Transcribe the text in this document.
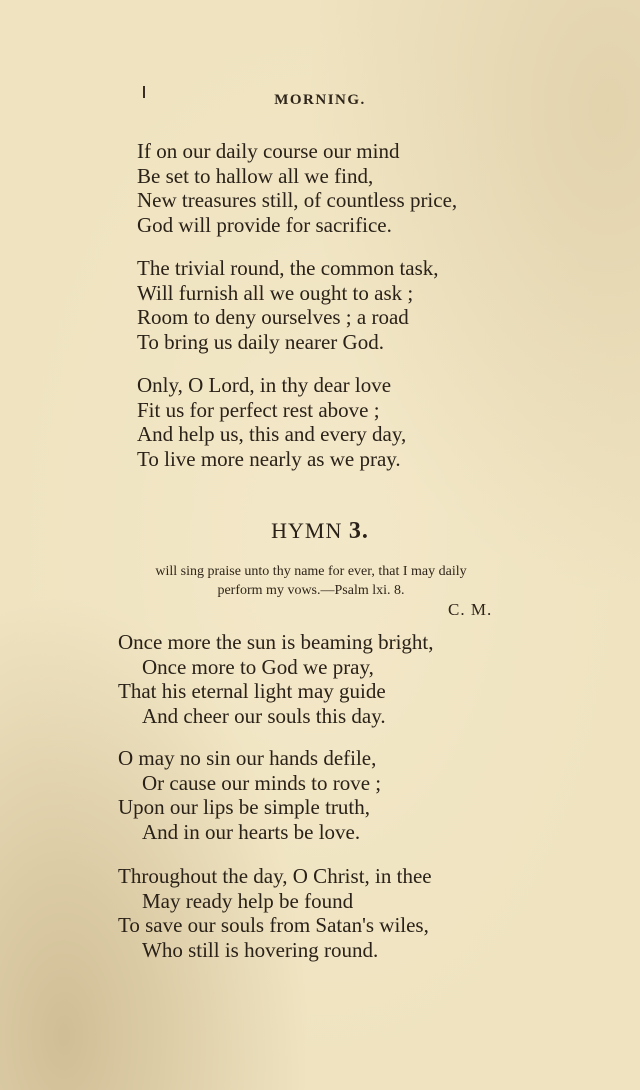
MORNING.
If on our daily course our mind
Be set to hallow all we find,
New treasures still, of countless price,
God will provide for sacrifice.
The trivial round, the common task,
Will furnish all we ought to ask ;
Room to deny ourselves ; a road
To bring us daily nearer God.
Only, O Lord, in thy dear love
Fit us for perfect rest above ;
And help us, this and every day,
To live more nearly as we pray.
HYMN 3.
will sing praise unto thy name for ever, that I may daily
perform my vows.—Psalm lxi. 8.
C. M.
Once more the sun is beaming bright,
Once more to God we pray,
That his eternal light may guide
And cheer our souls this day.
O may no sin our hands defile,
Or cause our minds to rove ;
Upon our lips be simple truth,
And in our hearts be love.
Throughout the day, O Christ, in thee
May ready help be found
To save our souls from Satan's wiles,
Who still is hovering round.
